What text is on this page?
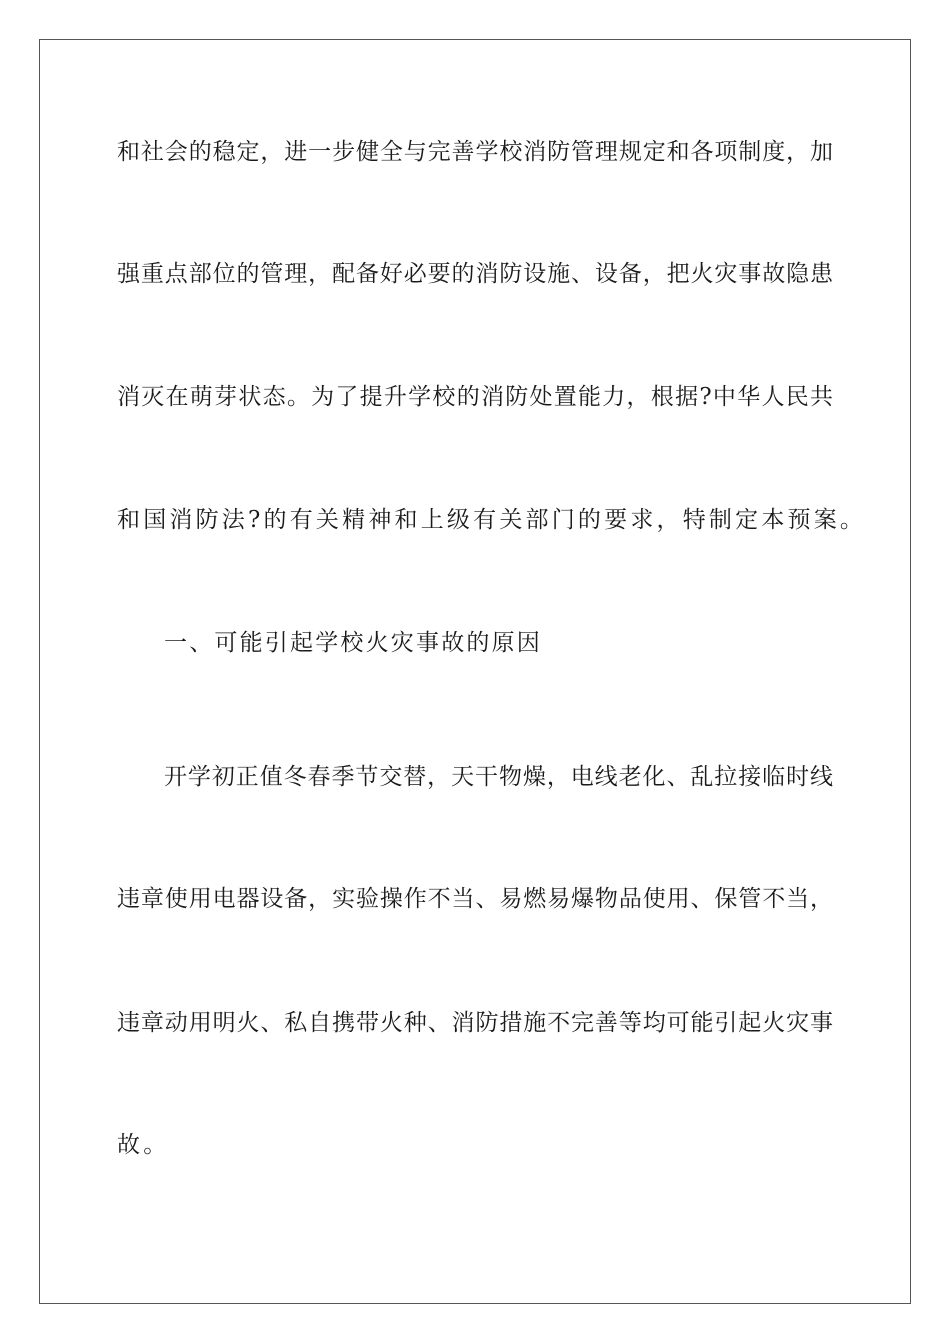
和社会的稳定，进一步健全与完善学校消防管理规定和各项制度，加
强重点部位的管理，配备好必要的消防设施、设备，把火灾事故隐患
消灭在萌芽状态。为了提升学校的消防处置能力，根据?中华人民共
和国消防法?的有关精神和上级有关部门的要求，特制定本预案。
一、可能引起学校火灾事故的原因
开学初正值冬春季节交替，天干物燥，电线老化、乱拉接临时线
违章使用电器设备，实验操作不当、易燃易爆物品使用、保管不当，
违章动用明火、私自携带火种、消防措施不完善等均可能引起火灾事
故。
